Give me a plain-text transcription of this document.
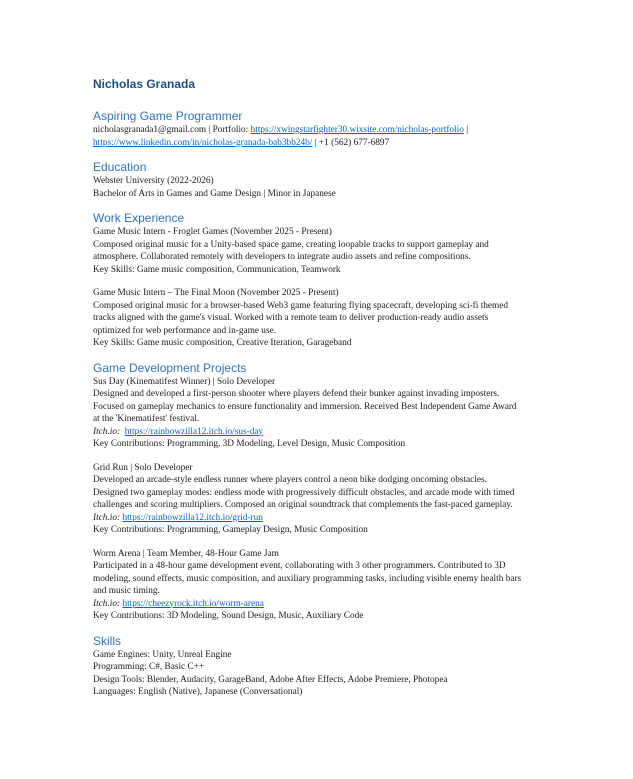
Nicholas Granada
Aspiring Game Programmer
nicholasgranada1@gmail.com | Portfolio: https://xwingstarfighter30.wixsite.com/nicholas-portfolio |
https://www.linkedin.com/in/nicholas-granada-bab3bb24b/ | +1 (562) 677-6897
Education
Webster University (2022-2026)
Bachelor of Arts in Games and Game Design | Minor in Japanese
Work Experience
Game Music Intern - Froglet Games (November 2025 - Present)
Composed original music for a Unity-based space game, creating loopable tracks to support gameplay and atmosphere. Collaborated remotely with developers to integrate audio assets and refine compositions.
Key Skills: Game music composition, Communication, Teamwork
Game Music Intern – The Final Moon (November 2025 - Present)
Composed original music for a browser-based Web3 game featuring flying spacecraft, developing sci-fi themed tracks aligned with the game's visual. Worked with a remote team to deliver production-ready audio assets optimized for web performance and in-game use.
Key Skills: Game music composition, Creative Iteration, Garageband
Game Development Projects
Sus Day (Kinematifest Winner) | Solo Developer
Designed and developed a first-person shooter where players defend their bunker against invading imposters. Focused on gameplay mechanics to ensure functionality and immersion. Received Best Independent Game Award at the 'Kinematifest' festival.
Itch.io: https://rainbowzilla12.itch.io/sus-day
Key Contributions: Programming, 3D Modeling, Level Design, Music Composition
Grid Run | Solo Developer
Developed an arcade-style endless runner where players control a neon bike dodging oncoming obstacles. Designed two gameplay modes: endless mode with progressively difficult obstacles, and arcade mode with timed challenges and scoring multipliers. Composed an original soundtrack that complements the fast-paced gameplay.
Itch.io: https://rainbowzilla12.itch.io/grid-run
Key Contributions: Programming, Gameplay Design, Music Composition
Worm Arena | Team Member, 48-Hour Game Jam
Participated in a 48-hour game development event, collaborating with 3 other programmers. Contributed to 3D modeling, sound effects, music composition, and auxiliary programming tasks, including visible enemy health bars and music timing.
Itch.io: https://cheezyrock.itch.io/worm-arena
Key Contributions: 3D Modeling, Sound Design, Music, Auxiliary Code
Skills
Game Engines: Unity, Unreal Engine
Programming: C#, Basic C++
Design Tools: Blender, Audacity, GarageBand, Adobe After Effects, Adobe Premiere, Photopea
Languages: English (Native), Japanese (Conversational)
